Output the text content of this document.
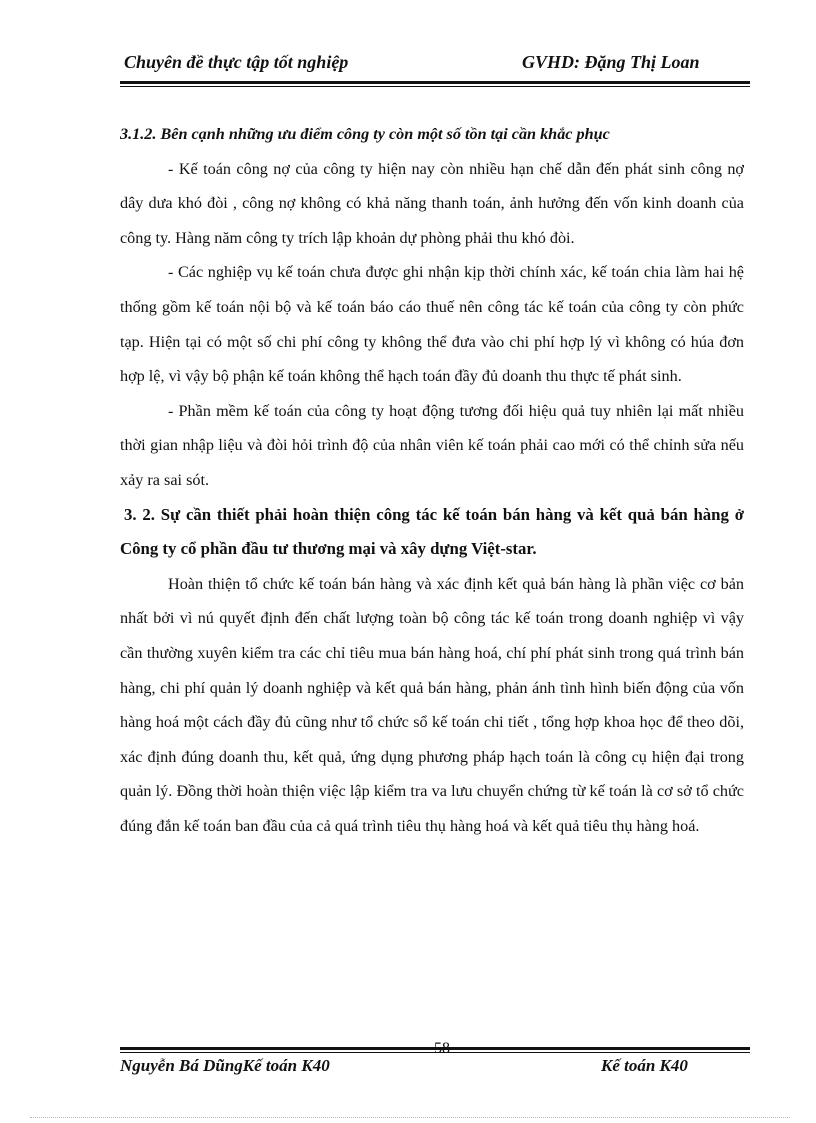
Chuyên đề thực tập tốt nghiệp	GVHD: Đặng Thị Loan

3.1.2. Bên cạnh những ưu điểm công ty còn một số tồn tại cần khắc phục

- Kế toán công nợ của công ty hiện nay còn nhiều hạn chế dẫn đến phát sinh công nợ dây dưa khó đòi , công nợ không có khả năng thanh toán, ảnh hưởng đến vốn kinh doanh của công ty. Hàng năm công ty trích lập khoản dự phòng phải thu khó đòi.

- Các nghiệp vụ kế toán chưa được ghi nhận kịp thời chính xác, kế toán chia làm hai hệ thống gồm kế toán nội bộ và kế toán báo cáo thuế nên công tác kế toán của công ty còn phức tạp. Hiện tại có một số chi phí công ty không thể đưa vào chi phí hợp lý vì không có húa đơn hợp lệ, vì vậy bộ phận kế toán không thể hạch toán đầy đủ doanh thu thực tế phát sinh.

- Phần mềm kế toán của công ty hoạt động tương đối hiệu quả tuy nhiên lại mất nhiều thời gian nhập liệu và đòi hỏi trình độ của nhân viên kế toán phải cao mới có thể chỉnh sửa nếu xảy ra sai sót.

3. 2. Sự cần thiết phải hoàn thiện công tác kế toán bán hàng và kết quả bán hàng ở Công ty cổ phần đầu tư thương mại và xây dựng Việt-star.

Hoàn thiện tổ chức kế toán bán hàng và xác định kết quả bán hàng là phần việc cơ bản nhất bởi vì nú quyết định đến chất lượng toàn bộ công tác kế toán trong doanh nghiệp vì vậy cần thường xuyên kiểm tra các chỉ tiêu mua bán hàng hoá, chí phí phát sinh trong quá trình bán hàng, chi phí quản lý doanh nghiệp và kết quả bán hàng, phản ánh tình hình biến động của vốn hàng hoá một cách đầy đủ cũng như tổ chức sổ kế toán chi tiết , tổng hợp khoa học để theo dõi, xác định đúng doanh thu, kết quả, ứng dụng phương pháp hạch toán là công cụ hiện đại trong quản lý. Đồng thời hoàn thiện việc lập kiểm tra va lưu chuyển chứng từ kế toán là cơ sở tổ chức đúng đắn kế toán ban đầu của cả quá trình tiêu thụ hàng hoá và kết quả tiêu thụ hàng hoá.

Nguyễn Bá DũngKế toán K40
58
Kế toán K40
